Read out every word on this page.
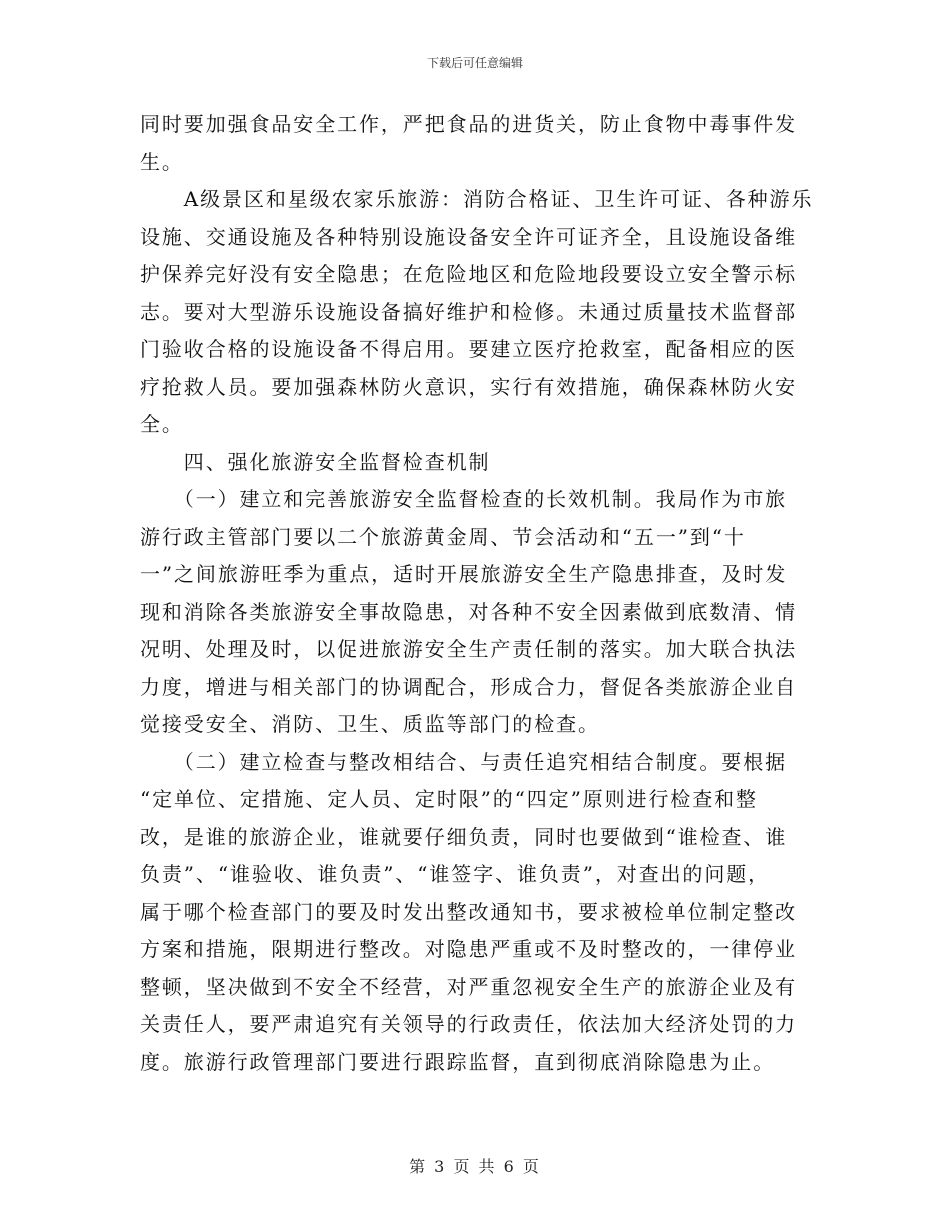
下载后可任意编辑

同时要加强食品安全工作，严把食品的进货关，防止食物中毒事件发
生。

　　A级景区和星级农家乐旅游：消防合格证、卫生许可证、各种游乐
设施、交通设施及各种特别设施设备安全许可证齐全，且设施设备维
护保养完好没有安全隐患；在危险地区和危险地段要设立安全警示标
志。要对大型游乐设施设备搞好维护和检修。未通过质量技术监督部
门验收合格的设施设备不得启用。要建立医疗抢救室，配备相应的医
疗抢救人员。要加强森林防火意识，实行有效措施，确保森林防火安
全。

　　四、强化旅游安全监督检查机制

　　（一）建立和完善旅游安全监督检查的长效机制。我局作为市旅
游行政主管部门要以二个旅游黄金周、节会活动和“五一”到“十
一”之间旅游旺季为重点，适时开展旅游安全生产隐患排查，及时发
现和消除各类旅游安全事故隐患，对各种不安全因素做到底数清、情
况明、处理及时，以促进旅游安全生产责任制的落实。加大联合执法
力度，增进与相关部门的协调配合，形成合力，督促各类旅游企业自
觉接受安全、消防、卫生、质监等部门的检查。

　　（二）建立检查与整改相结合、与责任追究相结合制度。要根据
“定单位、定措施、定人员、定时限”的“四定”原则进行检查和整
改，是谁的旅游企业，谁就要仔细负责，同时也要做到“谁检查、谁
负责”、“谁验收、谁负责”、“谁签字、谁负责”，对查出的问题，
属于哪个检查部门的要及时发出整改通知书，要求被检单位制定整改
方案和措施，限期进行整改。对隐患严重或不及时整改的，一律停业
整顿，坚决做到不安全不经营，对严重忽视安全生产的旅游企业及有
关责任人，要严肃追究有关领导的行政责任，依法加大经济处罚的力
度。旅游行政管理部门要进行跟踪监督，直到彻底消除隐患为止。

第 3 页 共 6 页
